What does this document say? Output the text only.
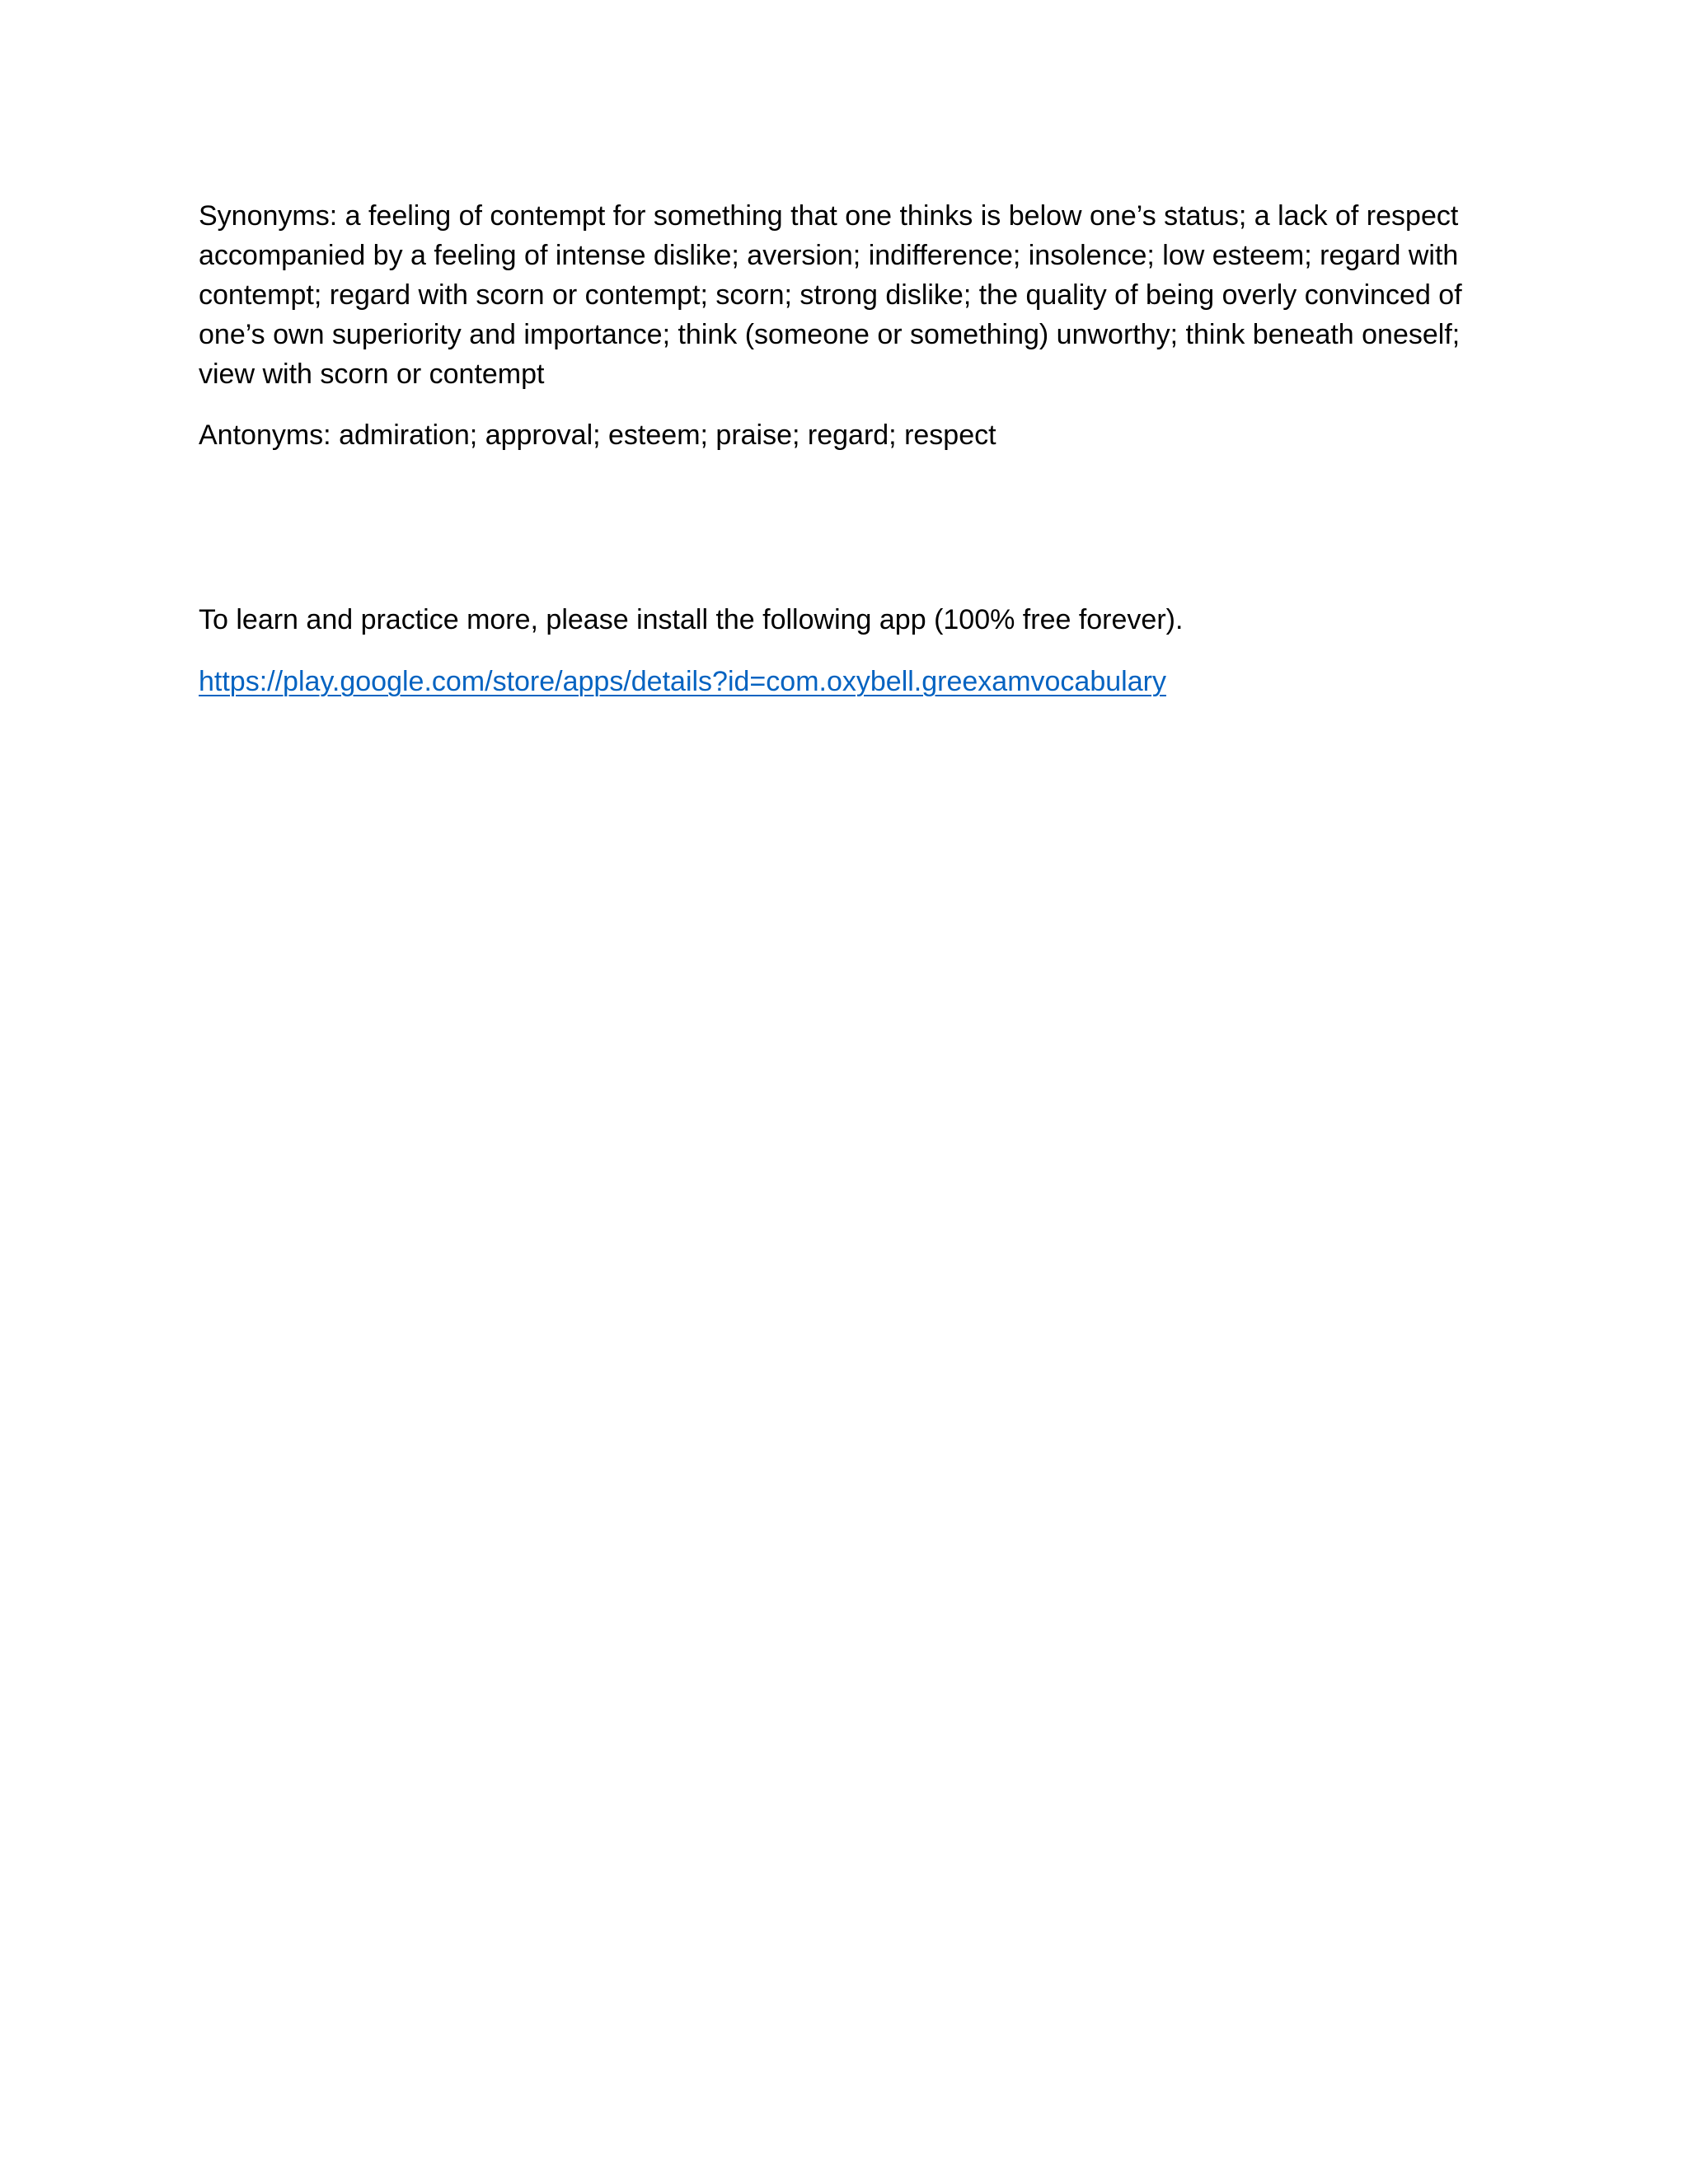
Synonyms: a feeling of contempt for something that one thinks is below one’s status; a lack of respect accompanied by a feeling of intense dislike; aversion; indifference; insolence; low esteem; regard with contempt; regard with scorn or contempt; scorn; strong dislike; the quality of being overly convinced of one’s own superiority and importance; think (someone or something) unworthy; think beneath oneself; view with scorn or contempt

Antonyms: admiration; approval; esteem; praise; regard; respect

To learn and practice more, please install the following app (100% free forever).

https://play.google.com/store/apps/details?id=com.oxybell.greexamvocabulary
